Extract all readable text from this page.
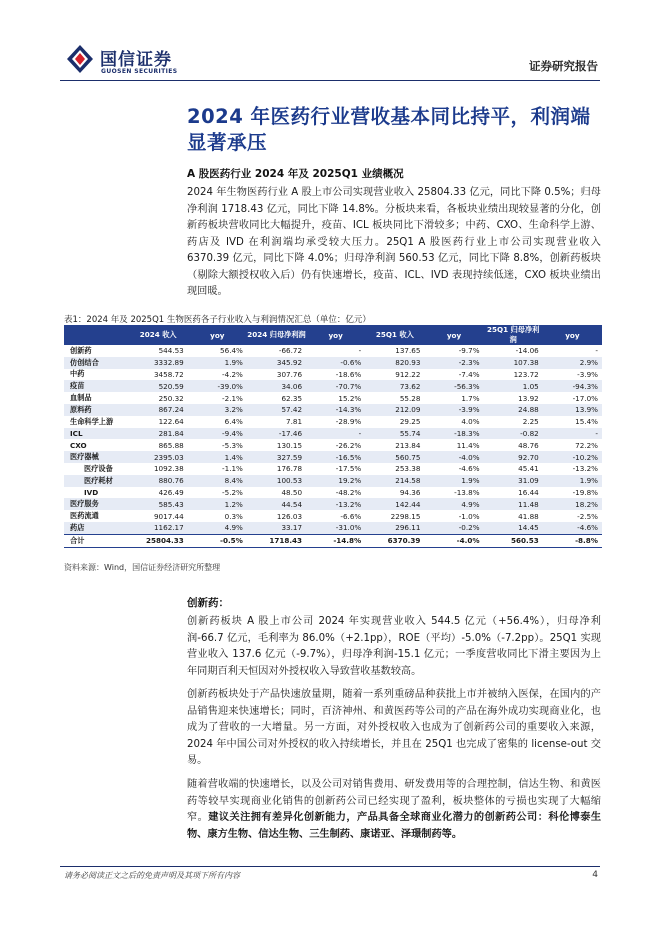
国信证券
GUOSEN SECURITIES	证券研究报告
2024 年医药行业营收基本同比持平，利润端显著承压
A 股医药行业 2024 年及 2025Q1 业绩概况
2024 年生物医药行业 A 股上市公司实现营业收入 25804.33 亿元，同比下降 0.5%；归母净利润 1718.43 亿元，同比下降 14.8%。分板块来看，各板块业绩出现较显著的分化，创新药板块营收同比大幅提升，疫苗、ICL 板块同比下滑较多；中药、CXO、生命科学上游、药店及 IVD 在利润端均承受较大压力。25Q1 A 股医药行业上市公司实现营业收入 6370.39 亿元，同比下降 4.0%；归母净利润 560.53 亿元，同比下降 8.8%，创新药板块（剔除大额授权收入后）仍有快速增长，疫苗、ICL、IVD 表现持续低迷，CXO 板块业绩出现回暖。
表1：2024 年及 2025Q1 生物医药各子行业收入与利润情况汇总（单位：亿元）
	2024 收入	yoy	2024 归母净利润	yoy	25Q1 收入	yoy	25Q1 归母净利润	yoy
创新药	544.53	56.4%	-66.72	-	137.65	-9.7%	-14.06	-
仿创结合	3332.89	1.9%	345.92	-0.6%	820.93	-2.3%	107.38	2.9%
中药	3458.72	-4.2%	307.76	-18.6%	912.22	-7.4%	123.72	-3.9%
疫苗	520.59	-39.0%	34.06	-70.7%	73.62	-56.3%	1.05	-94.3%
血制品	250.32	-2.1%	62.35	15.2%	55.28	1.7%	13.92	-17.0%
原料药	867.24	3.2%	57.42	-14.3%	212.09	-3.9%	24.88	13.9%
生命科学上游	122.64	6.4%	7.81	-28.9%	29.25	4.0%	2.25	15.4%
ICL	281.84	-9.4%	-17.46	-	55.74	-18.3%	-0.82	-
CXO	865.88	-5.3%	130.15	-26.2%	213.84	11.4%	48.76	72.2%
医疗器械	2395.03	1.4%	327.59	-16.5%	560.75	-4.0%	92.70	-10.2%
医疗设备	1092.38	-1.1%	176.78	-17.5%	253.38	-4.6%	45.41	-13.2%
医疗耗材	880.76	8.4%	100.53	19.2%	214.58	1.9%	31.09	1.9%
IVD	426.49	-5.2%	48.50	-48.2%	94.36	-13.8%	16.44	-19.8%
医疗服务	585.43	1.2%	44.54	-13.2%	142.44	4.9%	11.48	18.2%
医药流通	9017.44	0.3%	126.03	-6.6%	2298.15	-1.0%	41.88	-2.5%
药店	1162.17	4.9%	33.17	-31.0%	296.11	-0.2%	14.45	-4.6%
合计	25804.33	-0.5%	1718.43	-14.8%	6370.39	-4.0%	560.53	-8.8%
资料来源：Wind，国信证券经济研究所整理
创新药：
创新药板块 A 股上市公司 2024 年实现营业收入 544.5 亿元（+56.4%），归母净利润-66.7 亿元，毛利率为 86.0%（+2.1pp），ROE（平均）-5.0%（-7.2pp）。25Q1 实现营业收入 137.6 亿元（-9.7%），归母净利润-15.1 亿元；一季度营收同比下滑主要因为上年同期百利天恒因对外授权收入导致营收基数较高。
创新药板块处于产品快速放量期，随着一系列重磅品种获批上市并被纳入医保，在国内的产品销售迎来快速增长；同时，百济神州、和黄医药等公司的产品在海外成功实现商业化，也成为了营收的一大增量。另一方面，对外授权收入也成为了创新药公司的重要收入来源，2024 年中国公司对外授权的收入持续增长，并且在 25Q1 也完成了密集的 license-out 交易。
随着营收端的快速增长，以及公司对销售费用、研发费用等的合理控制，信达生物、和黄医药等较早实现商业化销售的创新药公司已经实现了盈利，板块整体的亏损也实现了大幅缩窄。建议关注拥有差异化创新能力，产品具备全球商业化潜力的创新药公司：科伦博泰生物、康方生物、信达生物、三生制药、康诺亚、泽璟制药等。
请务必阅读正文之后的免责声明及其项下所有内容	4
